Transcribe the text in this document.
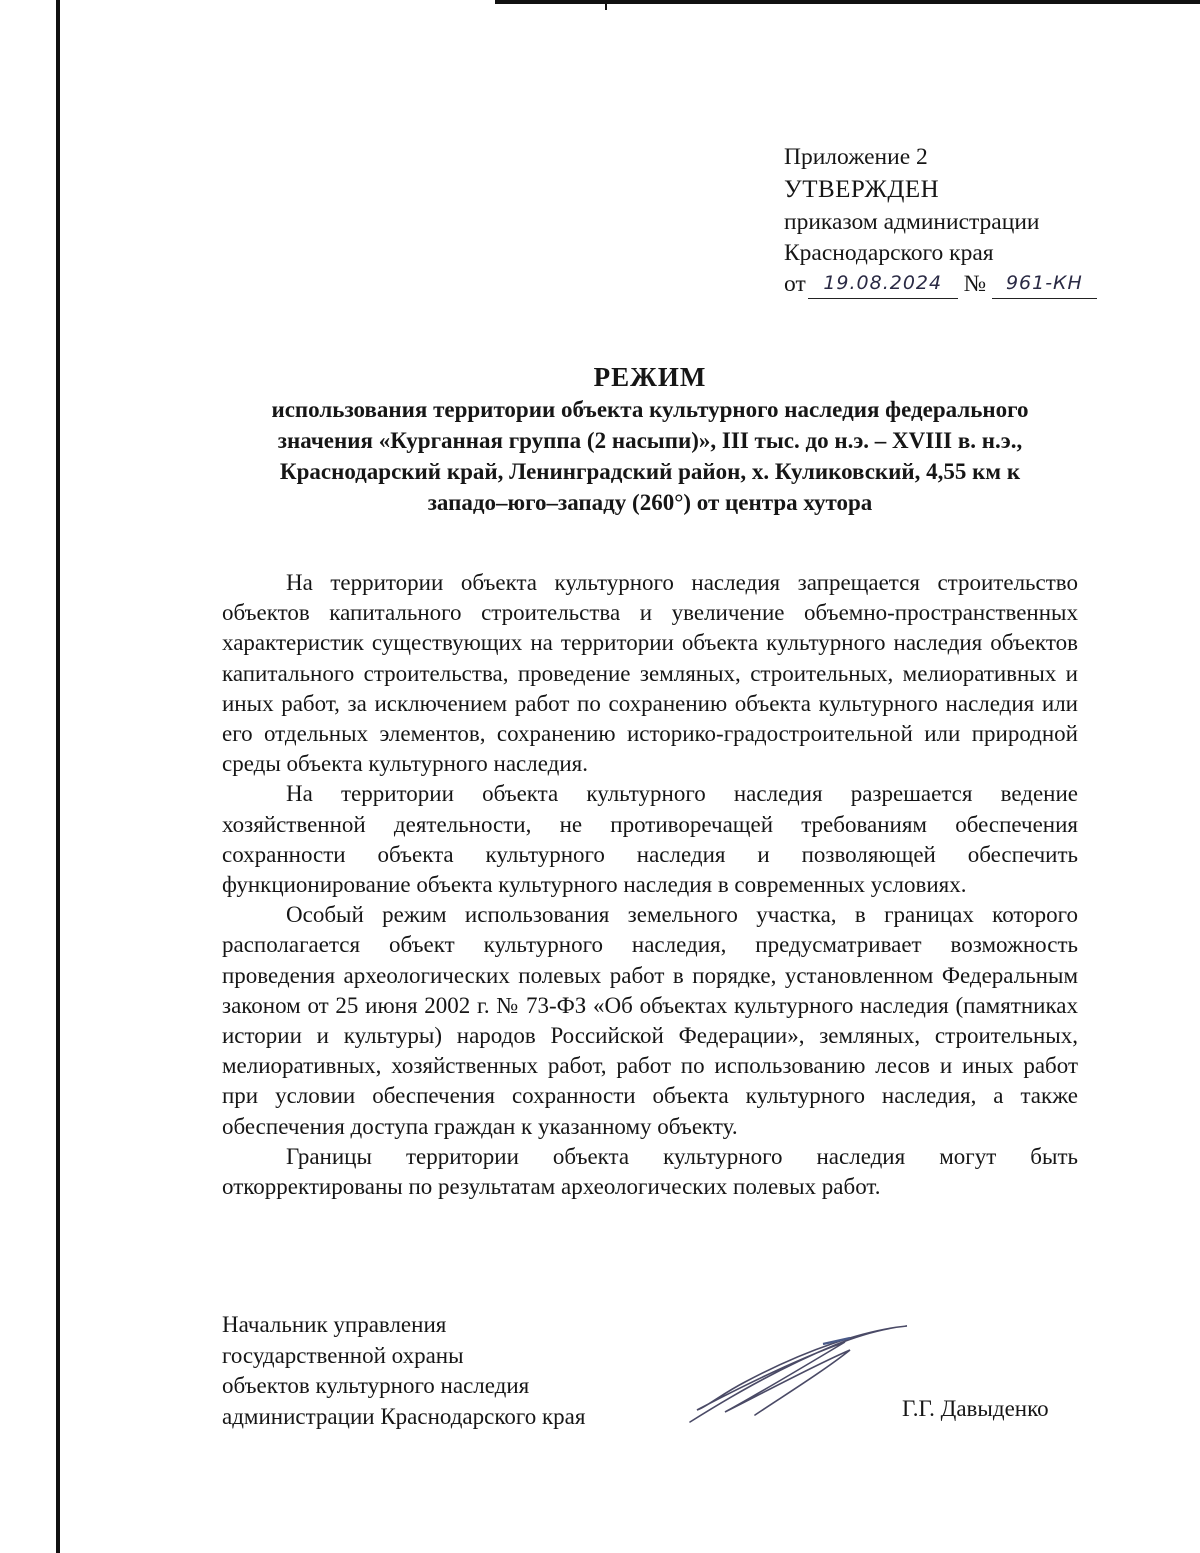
Приложение 2

УТВЕРЖДЕН

приказом администрации

Краснодарского края

от 19.08.2024 № 961-КН

РЕЖИМ

использования территории объекта культурного наследия федерального

значения «Курганная группа (2 насыпи)», III тыс. до н.э. – XVIII в. н.э.,

Краснодарский край, Ленинградский район, х. Куликовский, 4,55 км к

западо–юго–западу (260°) от центра хутора

На территории объекта культурного наследия запрещается строительство объектов капитального строительства и увеличение объемно-пространственных характеристик существующих на территории объекта культурного наследия объектов капитального строительства, проведение земляных, строительных, мелиоративных и иных работ, за исключением работ по сохранению объекта культурного наследия или его отдельных элементов, сохранению историко-градостроительной или природной среды объекта культурного наследия.

На территории объекта культурного наследия разрешается ведение хозяйственной деятельности, не противоречащей требованиям обеспечения сохранности объекта культурного наследия и позволяющей обеспечить функционирование объекта культурного наследия в современных условиях.

Особый режим использования земельного участка, в границах которого располагается объект культурного наследия, предусматривает возможность проведения археологических полевых работ в порядке, установленном Федеральным законом от 25 июня 2002 г. № 73-ФЗ «Об объектах культурного наследия (памятниках истории и культуры) народов Российской Федерации», земляных, строительных, мелиоративных, хозяйственных работ, работ по использованию лесов и иных работ при условии обеспечения сохранности объекта культурного наследия, а также обеспечения доступа граждан к указанному объекту.

Границы территории объекта культурного наследия могут быть откорректированы по результатам археологических полевых работ.

Начальник управления

государственной охраны

объектов культурного наследия

администрации Краснодарского края	Г.Г. Давыденко
